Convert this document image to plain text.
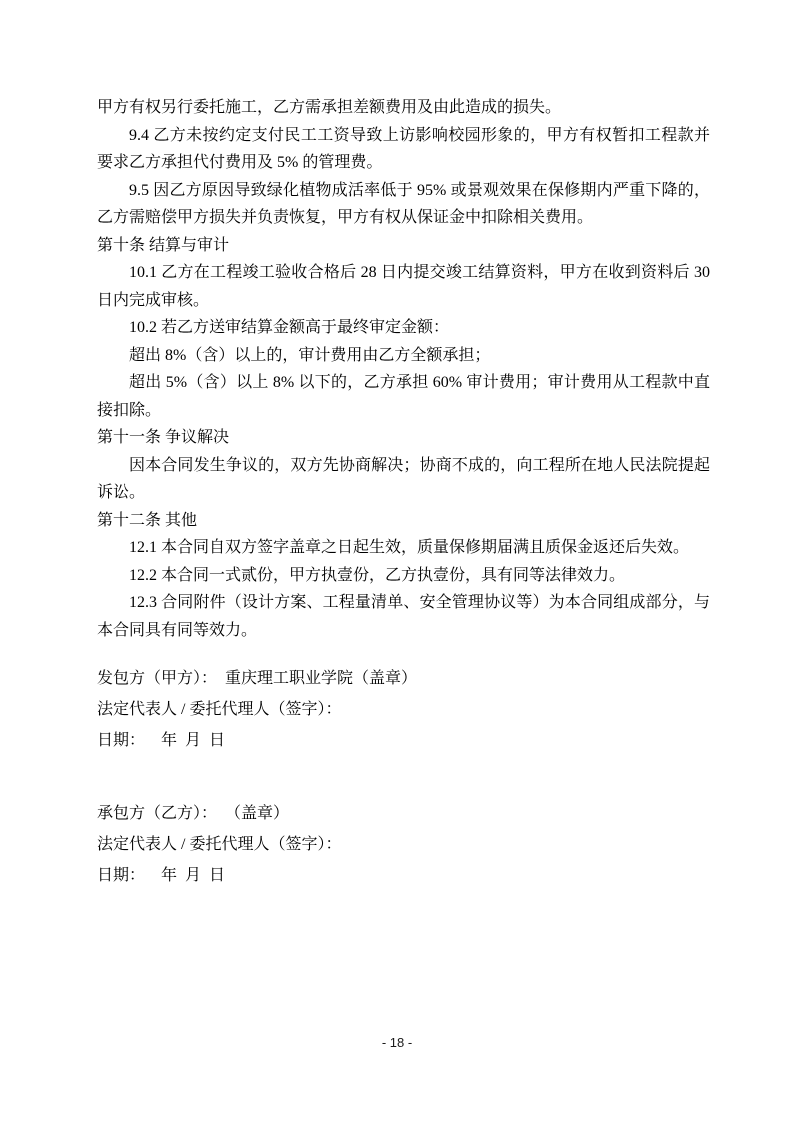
甲方有权另行委托施工，乙方需承担差额费用及由此造成的损失。

9.4 乙方未按约定支付民工工资导致上访影响校园形象的，甲方有权暂扣工程款并要求乙方承担代付费用及 5% 的管理费。

9.5 因乙方原因导致绿化植物成活率低于 95% 或景观效果在保修期内严重下降的，乙方需赔偿甲方损失并负责恢复，甲方有权从保证金中扣除相关费用。

第十条 结算与审计

10.1 乙方在工程竣工验收合格后 28 日内提交竣工结算资料，甲方在收到资料后 30 日内完成审核。

10.2 若乙方送审结算金额高于最终审定金额：

超出 8%（含）以上的，审计费用由乙方全额承担；

超出 5%（含）以上 8% 以下的，乙方承担 60% 审计费用；审计费用从工程款中直接扣除。

第十一条 争议解决

因本合同发生争议的，双方先协商解决；协商不成的，向工程所在地人民法院提起诉讼。

第十二条 其他

12.1 本合同自双方签字盖章之日起生效，质量保修期届满且质保金返还后失效。

12.2 本合同一式贰份，甲方执壹份，乙方执壹份，具有同等法律效力。

12.3 合同附件（设计方案、工程量清单、安全管理协议等）为本合同组成部分，与本合同具有同等效力。

发包方（甲方）：  重庆理工职业学院（盖章）

法定代表人 / 委托代理人（签字）：

日期：    年  月  日

承包方（乙方）：  （盖章）

法定代表人 / 委托代理人（签字）：

日期：    年  月  日

- 18 -
